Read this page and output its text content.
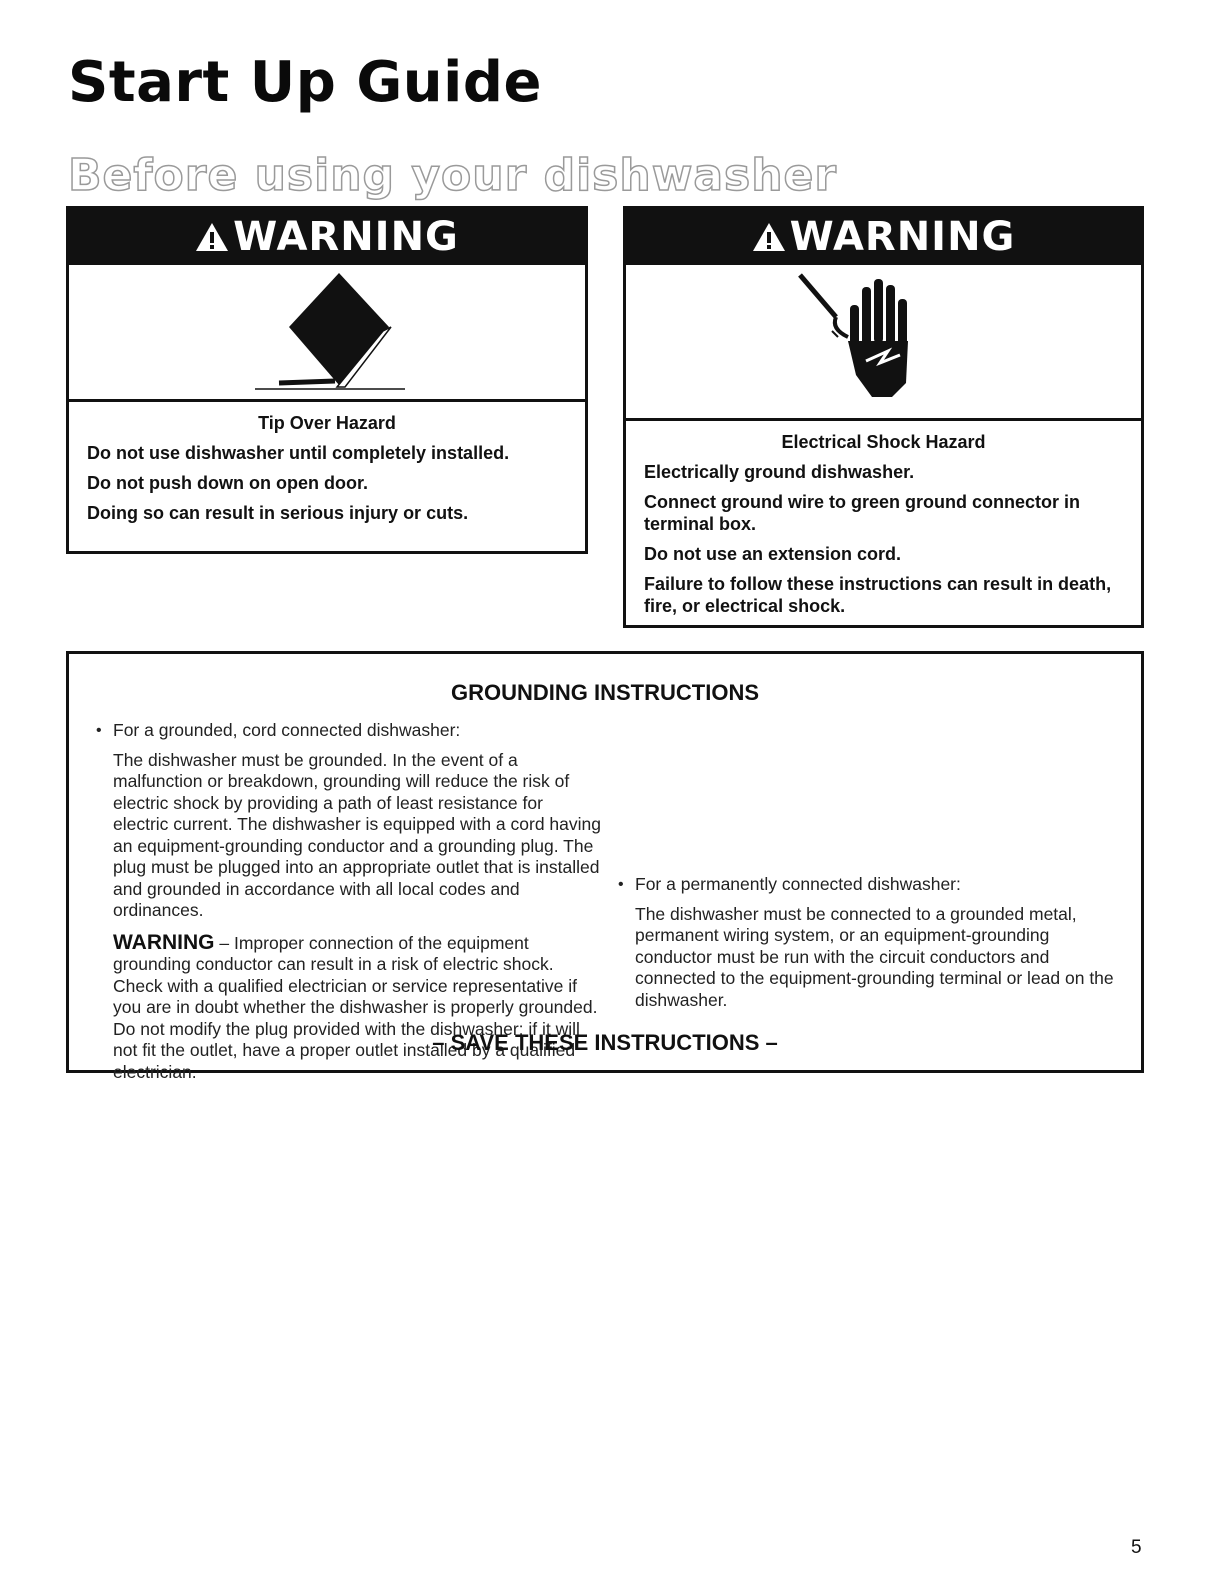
Start Up Guide
Before using your dishwasher
WARNING
Tip Over Hazard

Do not use dishwasher until completely installed.

Do not push down on open door.

Doing so can result in serious injury or cuts.

WARNING
Electrical Shock Hazard

Electrically ground dishwasher.

Connect ground wire to green ground connector in terminal box.

Do not use an extension cord.

Failure to follow these instructions can result in death, fire, or electrical shock.

GROUNDING INSTRUCTIONS
• For a grounded, cord connected dishwasher:

The dishwasher must be grounded. In the event of a malfunction or breakdown, grounding will reduce the risk of electric shock by providing a path of least resistance for electric current. The dishwasher is equipped with a cord having an equipment-grounding conductor and a grounding plug. The plug must be plugged into an appropriate outlet that is installed and grounded in accordance with all local codes and ordinances.

WARNING – Improper connection of the equipment grounding conductor can result in a risk of electric shock. Check with a qualified electrician or service representative if you are in doubt whether the dishwasher is properly grounded. Do not modify the plug provided with the dishwasher; if it will not fit the outlet, have a proper outlet installed by a qualified electrician.

• For a permanently connected dishwasher:

The dishwasher must be connected to a grounded metal, permanent wiring system, or an equipment-grounding conductor must be run with the circuit conductors and connected to the equipment-grounding terminal or lead on the dishwasher.

– SAVE THESE INSTRUCTIONS –
5
